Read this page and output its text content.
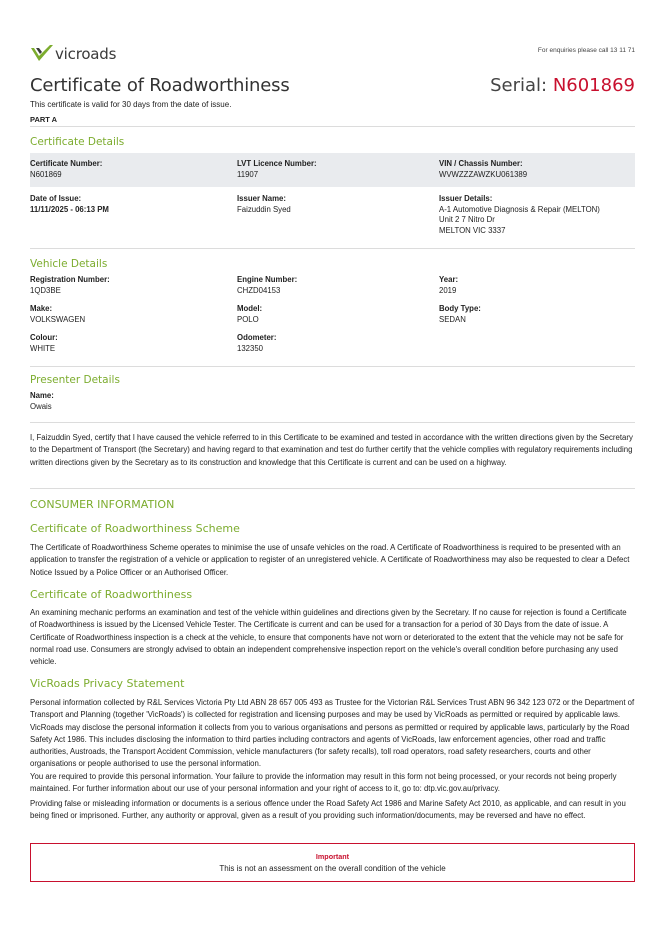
vicroads	For enquiries please call 13 11 71
Certificate of Roadworthiness	Serial: N601869
This certificate is valid for 30 days from the date of issue.
PART A
Certificate Details
Certificate Number:
N601869
LVT Licence Number:
11907
VIN / Chassis Number:
WVWZZZAWZKU061389
Date of Issue:
11/11/2025 - 06:13 PM
Issuer Name:
Faizuddin Syed
Issuer Details:
A-1 Automotive Diagnosis & Repair (MELTON)
Unit 2 7 Nitro Dr
MELTON VIC 3337
Vehicle Details
Registration Number:
1QD3BE
Engine Number:
CHZD04153
Year:
2019
Make:
VOLKSWAGEN
Model:
POLO
Body Type:
SEDAN
Colour:
WHITE
Odometer:
132350
Presenter Details
Name:
Owais
I, Faizuddin Syed, certify that I have caused the vehicle referred to in this Certificate to be examined and tested in accordance with the written directions given by the Secretary to the Department of Transport (the Secretary) and having regard to that examination and test do further certify that the vehicle complies with regulatory requirements including written directions given by the Secretary as to its construction and knowledge that this Certificate is current and can be used on a highway.
CONSUMER INFORMATION
Certificate of Roadworthiness Scheme
The Certificate of Roadworthiness Scheme operates to minimise the use of unsafe vehicles on the road. A Certificate of Roadworthiness is required to be presented with an application to transfer the registration of a vehicle or application to register of an unregistered vehicle. A Certificate of Roadworthiness may also be requested to clear a Defect Notice Issued by a Police Officer or an Authorised Officer.
Certificate of Roadworthiness
An examining mechanic performs an examination and test of the vehicle within guidelines and directions given by the Secretary. If no cause for rejection is found a Certificate of Roadworthiness is issued by the Licensed Vehicle Tester. The Certificate is current and can be used for a transaction for a period of 30 Days from the date of issue. A Certificate of Roadworthiness inspection is a check at the vehicle, to ensure that components have not worn or deteriorated to the extent that the vehicle may not be safe for normal road use. Consumers are strongly advised to obtain an independent comprehensive inspection report on the vehicle's overall condition before purchasing any used vehicle.
VicRoads Privacy Statement
Personal information collected by R&L Services Victoria Pty Ltd ABN 28 657 005 493 as Trustee for the Victorian R&L Services Trust ABN 96 342 123 072 or the Department of Transport and Planning (together 'VicRoads') is collected for registration and licensing purposes and may be used by VicRoads as permitted or required by applicable laws. VicRoads may disclose the personal information it collects from you to various organisations and persons as permitted or required by applicable laws, particularly by the Road Safety Act 1986. This includes disclosing the information to third parties including contractors and agents of VicRoads, law enforcement agencies, other road and traffic authorities, Austroads, the Transport Accident Commission, vehicle manufacturers (for safety recalls), toll road operators, road safety researchers, courts and other organisations or people authorised to use the personal information.
You are required to provide this personal information. Your failure to provide the information may result in this form not being processed, or your records not being properly maintained. For further information about our use of your personal information and your right of access to it, go to: dtp.vic.gov.au/privacy.
Providing false or misleading information or documents is a serious offence under the Road Safety Act 1986 and Marine Safety Act 2010, as applicable, and can result in you being fined or imprisoned. Further, any authority or approval, given as a result of you providing such information/documents, may be reversed and have no effect.
Important
This is not an assessment on the overall condition of the vehicle
